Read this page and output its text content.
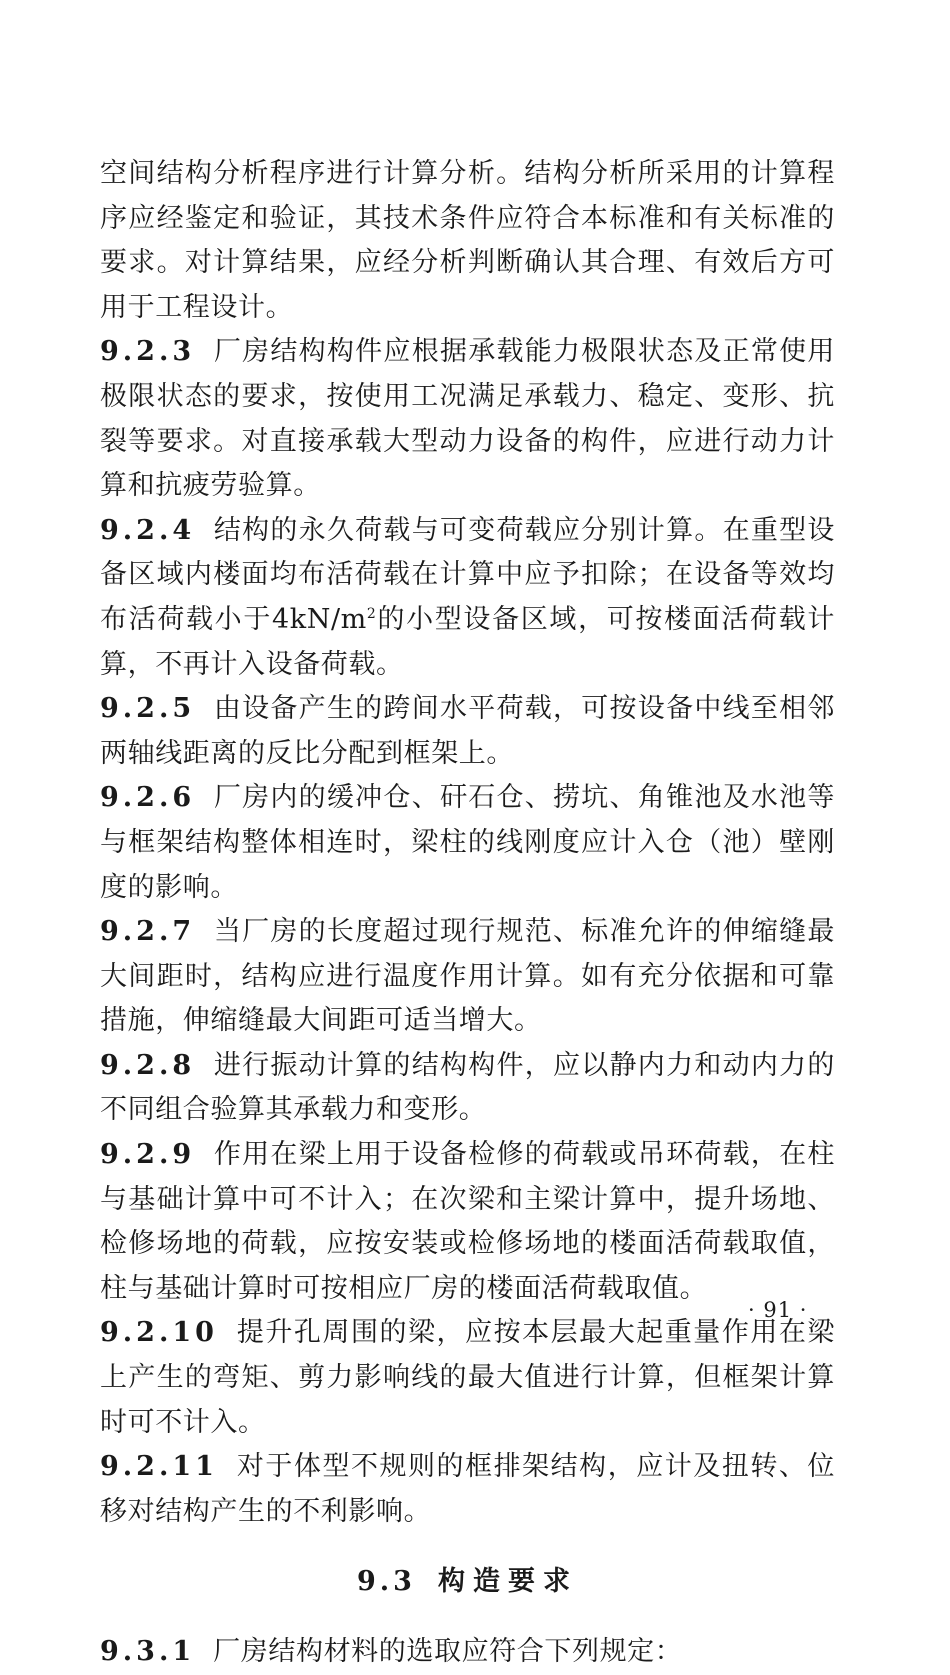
空间结构分析程序进行计算分析。结构分析所采用的计算程序应经鉴定和验证，其技术条件应符合本标准和有关标准的要求。对计算结果，应经分析判断确认其合理、有效后方可用于工程设计。

9.2.3 厂房结构构件应根据承载能力极限状态及正常使用极限状态的要求，按使用工况满足承载力、稳定、变形、抗裂等要求。对直接承载大型动力设备的构件，应进行动力计算和抗疲劳验算。

9.2.4 结构的永久荷载与可变荷载应分别计算。在重型设备区域内楼面均布活荷载在计算中应予扣除；在设备等效均布活荷载小于$4kN/m^2$的小型设备区域，可按楼面活荷载计算，不再计入设备荷载。

9.2.5 由设备产生的跨间水平荷载，可按设备中线至相邻两轴线距离的反比分配到框架上。

9.2.6 厂房内的缓冲仓、矸石仓、捞坑、角锥池及水池等与框架结构整体相连时，梁柱的线刚度应计入仓（池）壁刚度的影响。

9.2.7 当厂房的长度超过现行规范、标准允许的伸缩缝最大间距时，结构应进行温度作用计算。如有充分依据和可靠措施，伸缩缝最大间距可适当增大。

9.2.8 进行振动计算的结构构件，应以静内力和动内力的不同组合验算其承载力和变形。

9.2.9 作用在梁上用于设备检修的荷载或吊环荷载，在柱与基础计算中可不计入；在次梁和主梁计算中，提升场地、检修场地的荷载，应按安装或检修场地的楼面活荷载取值，柱与基础计算时可按相应厂房的楼面活荷载取值。

9.2.10 提升孔周围的梁，应按本层最大起重量作用在梁上产生的弯矩、剪力影响线的最大值进行计算，但框架计算时可不计入。

9.2.11 对于体型不规则的框排架结构，应计及扭转、位移对结构产生的不利影响。

9.3 构造要求

9.3.1 厂房结构材料的选取应符合下列规定：

· 91 ·
